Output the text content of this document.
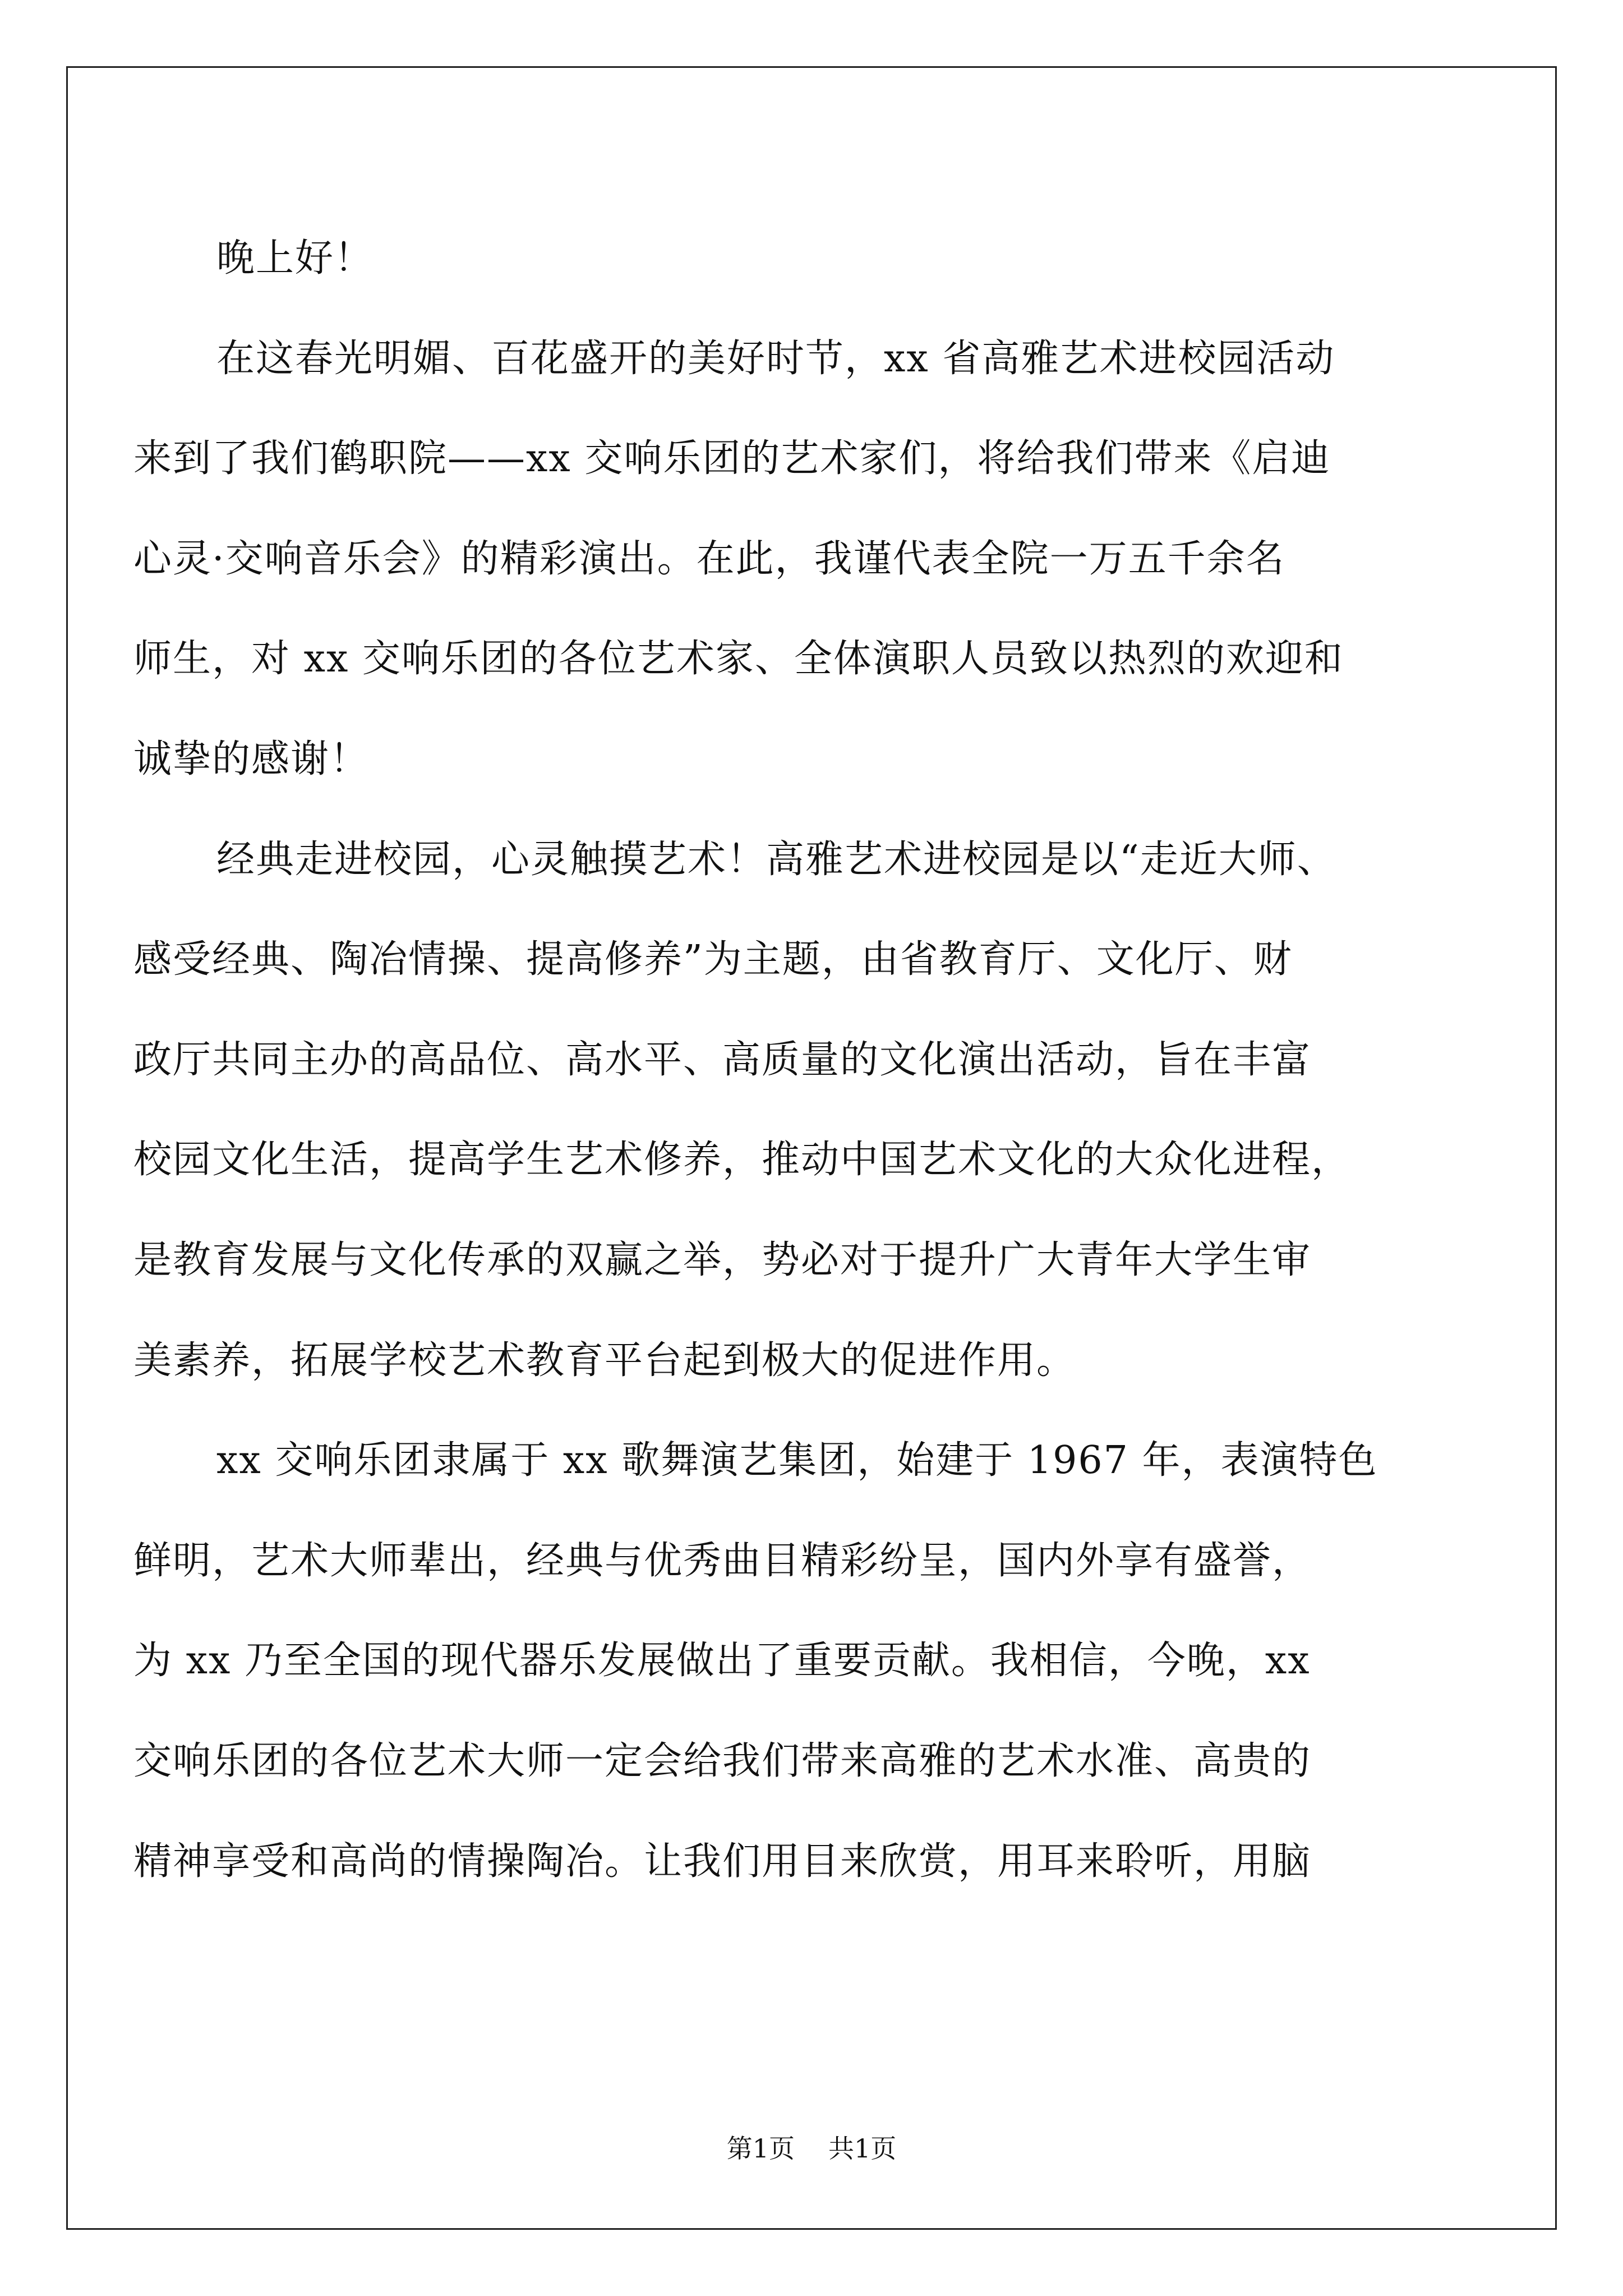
晚上好！
在这春光明媚、百花盛开的美好时节，xx 省高雅艺术进校园活动
来到了我们鹤职院——xx 交响乐团的艺术家们，将给我们带来《启迪
心灵·交响音乐会》的精彩演出。在此，我谨代表全院一万五千余名
师生，对 xx 交响乐团的各位艺术家、全体演职人员致以热烈的欢迎和
诚挚的感谢！
经典走进校园，心灵触摸艺术！高雅艺术进校园是以“走近大师、
感受经典、陶冶情操、提高修养”为主题，由省教育厅、文化厅、财
政厅共同主办的高品位、高水平、高质量的文化演出活动，旨在丰富
校园文化生活，提高学生艺术修养，推动中国艺术文化的大众化进程，
是教育发展与文化传承的双赢之举，势必对于提升广大青年大学生审
美素养，拓展学校艺术教育平台起到极大的促进作用。
xx 交响乐团隶属于 xx 歌舞演艺集团，始建于 1967 年，表演特色
鲜明，艺术大师辈出，经典与优秀曲目精彩纷呈，国内外享有盛誉，
为 xx 乃至全国的现代器乐发展做出了重要贡献。我相信，今晚，xx
交响乐团的各位艺术大师一定会给我们带来高雅的艺术水准、高贵的
精神享受和高尚的情操陶冶。让我们用目来欣赏，用耳来聆听，用脑
第1页 共1页
